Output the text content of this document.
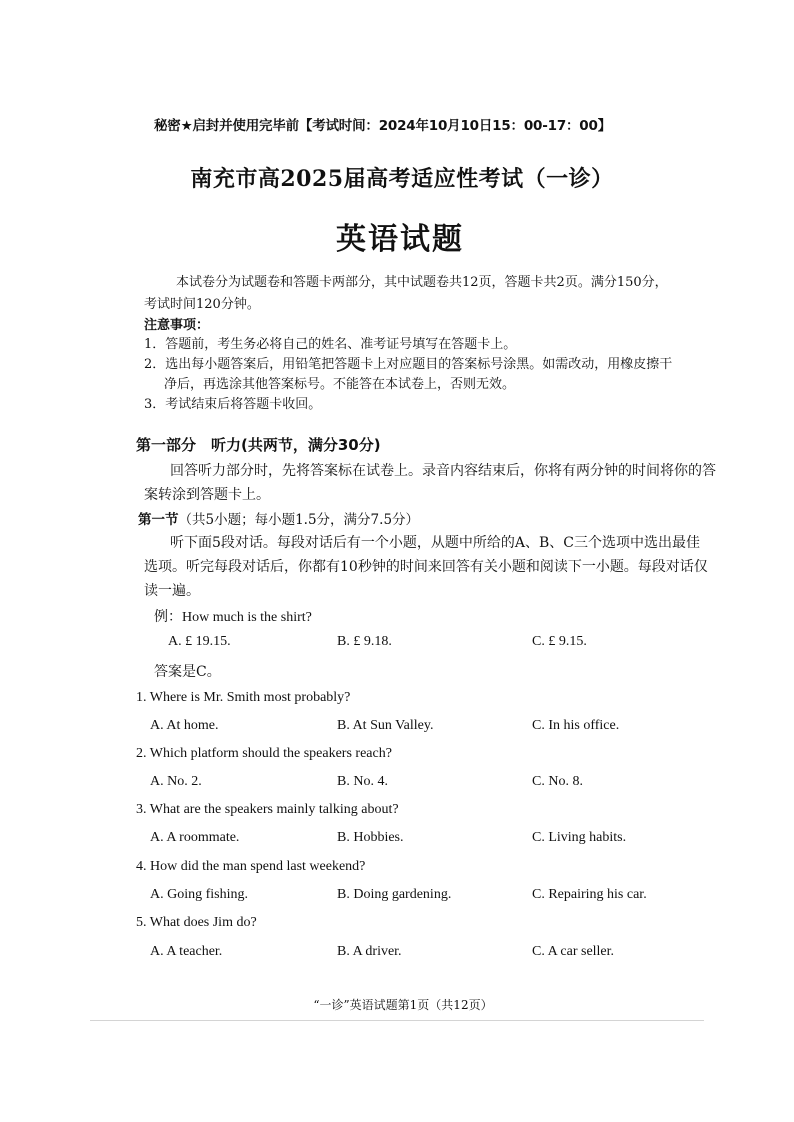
秘密★启封并使用完毕前【考试时间：2024年10月10日15：00-17：00】
南充市高2025届高考适应性考试（一诊）
英语试题
本试卷分为试题卷和答题卡两部分，其中试题卷共12页，答题卡共2页。满分150分，
考试时间120分钟。
注意事项：
1．答题前，考生务必将自己的姓名、准考证号填写在答题卡上。
2．选出每小题答案后，用铅笔把答题卡上对应题目的答案标号涂黑。如需改动，用橡皮擦干
净后，再选涂其他答案标号。不能答在本试卷上，否则无效。
3．考试结束后将答题卡收回。
第一部分　听力(共两节，满分30分)
回答听力部分时，先将答案标在试卷上。录音内容结束后，你将有两分钟的时间将你的答
案转涂到答题卡上。
第一节（共5小题；每小题1.5分，满分7.5分）
听下面5段对话。每段对话后有一个小题，从题中所给的A、B、C三个选项中选出最佳
选项。听完每段对话后，你都有10秒钟的时间来回答有关小题和阅读下一小题。每段对话仅
读一遍。
例：How much is the shirt?
A. £ 19.15.	B. £ 9.18.	C. £ 9.15.
答案是C。
1. Where is Mr. Smith most probably?
A. At home.	B. At Sun Valley.	C. In his office.
2. Which platform should the speakers reach?
A. No. 2.	B. No. 4.	C. No. 8.
3. What are the speakers mainly talking about?
A. A roommate.	B. Hobbies.	C. Living habits.
4. How did the man spend last weekend?
A. Going fishing.	B. Doing gardening.	C. Repairing his car.
5. What does Jim do?
A. A teacher.	B. A driver.	C. A car seller.
“一诊”英语试题第1页（共12页）
